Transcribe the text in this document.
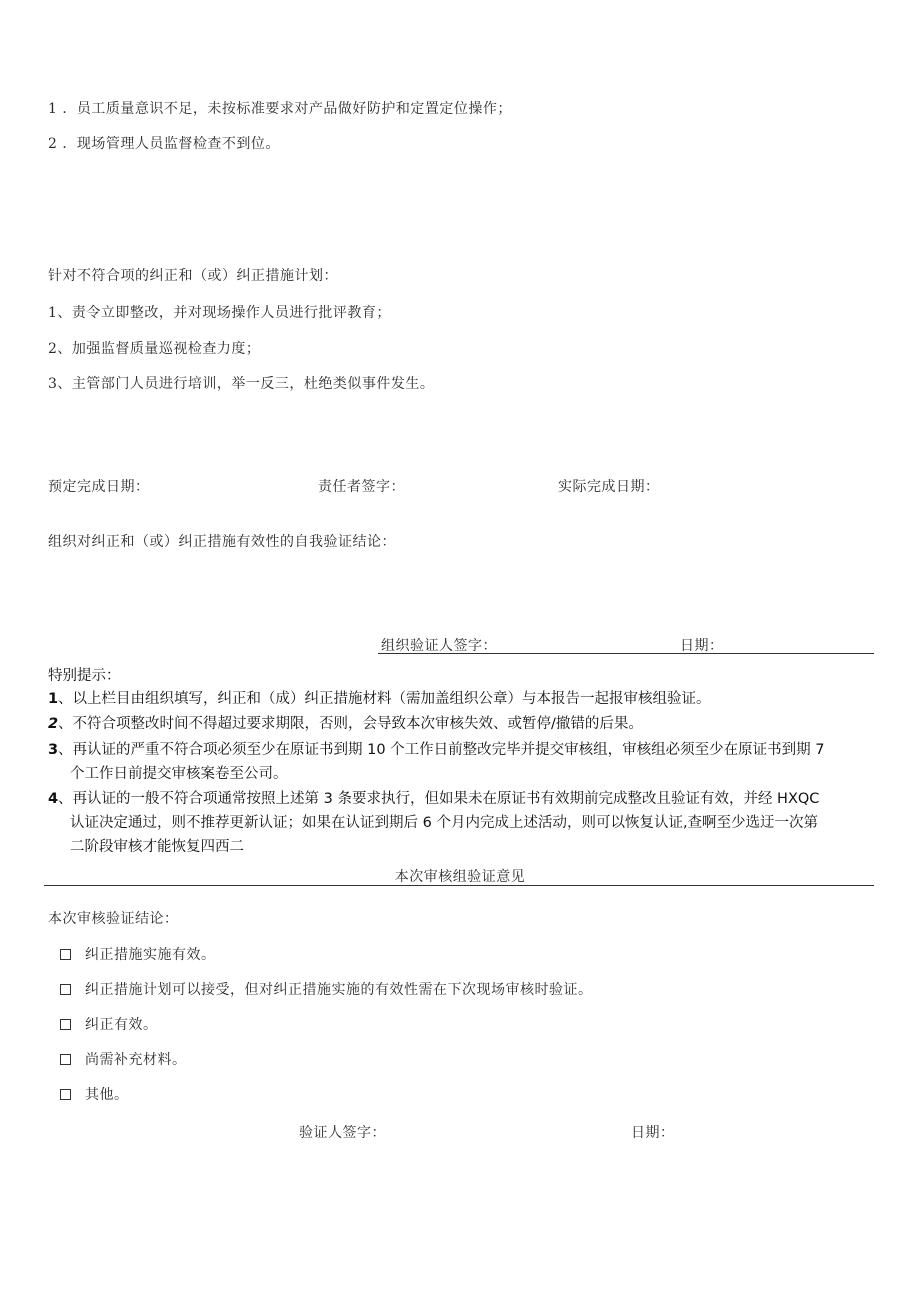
1 ．员工质量意识不足，未按标准要求对产品做好防护和定置定位操作；
2 ．现场管理人员监督检查不到位。
针对不符合项的纠正和（或）纠正措施计划：
1、责令立即整改，并对现场操作人员进行批评教育；
2、加强监督质量巡视检查力度；
3、主管部门人员进行培训，举一反三，杜绝类似事件发生。
预定完成日期：	责任者签字：	实际完成日期：
组织对纠正和（或）纠正措施有效性的自我验证结论：
组织验证人签字：	日期：
特别提示：
1、以上栏目由组织填写，纠正和（成）纠正措施材料（需加盖组织公章）与本报告一起报审核组验证。
2、不符合项整改时间不得超过要求期限，否则，会导致本次审核失效、或暂停/撤错的后果。
3、再认证的严重不符合项必须至少在原证书到期 10 个工作日前整改完毕并提交审核组，审核组必须至少在原证书到期 7
个工作日前提交审核案卷至公司。
4、再认证的一般不符合项通常按照上述第 3 条要求执行，但如果未在原证书有效期前完成整改且验证有效，并经 HXQC
认证决定通过，则不推荐更新认证；如果在认证到期后 6 个月内完成上述活动，则可以恢复认证,查啊至少选迂一次第
二阶段审核才能恢复四西二
本次审核组验证意见
本次审核验证结论：
纠正措施实施有效。
纠正措施计划可以接受，但对纠正措施实施的有效性需在下次现场审核时验证。
纠正有效。
尚需补充材料。
其他。
验证人签字：	日期：
